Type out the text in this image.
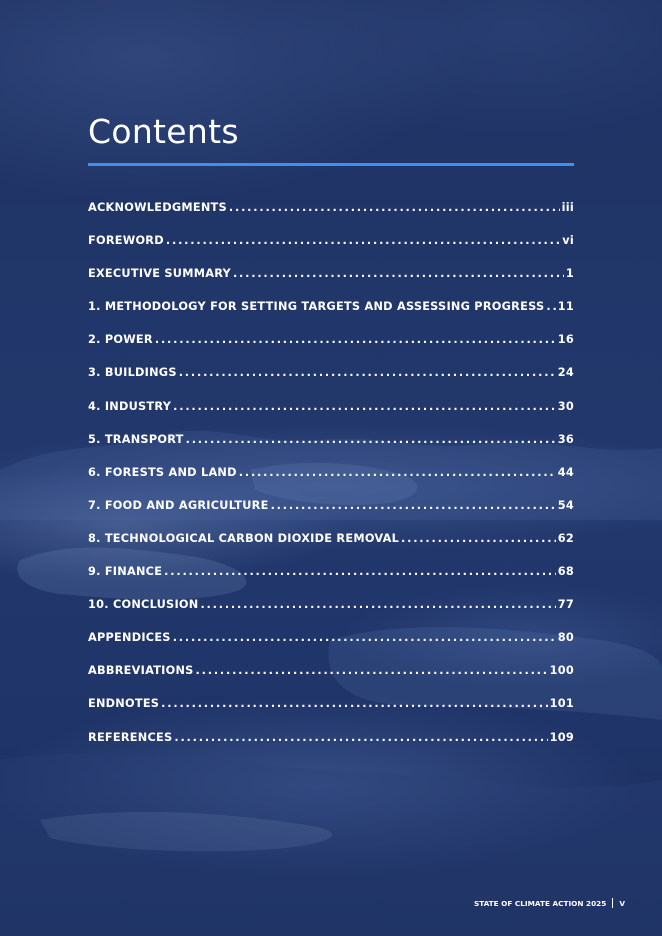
Contents
ACKNOWLEDGMENTS .....	iii
FOREWORD .....	vi
EXECUTIVE SUMMARY .....	1
1. METHODOLOGY FOR SETTING TARGETS AND ASSESSING PROGRESS ..... 11
2. POWER .....	16
3. BUILDINGS .....	24
4. INDUSTRY .....	30
5. TRANSPORT .....	36
6. FORESTS AND LAND .....	44
7. FOOD AND AGRICULTURE .....	54
8. TECHNOLOGICAL CARBON DIOXIDE REMOVAL .....	62
9. FINANCE .....	68
10. CONCLUSION .....	77
APPENDICES .....	80
ABBREVIATIONS .....	100
ENDNOTES .....	101
REFERENCES .....	109
STATE OF CLIMATE ACTION 2025 V
